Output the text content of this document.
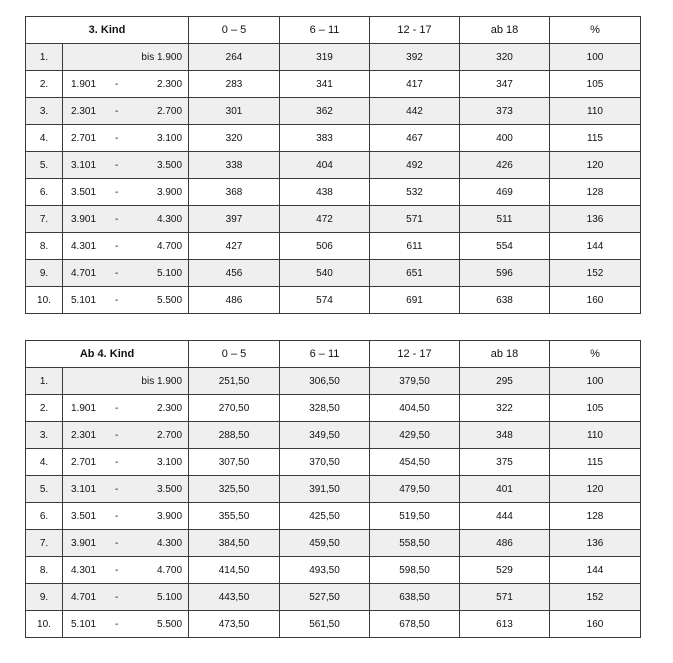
3. Kind		0 – 5	6 – 11	12 - 17	ab 18	%
1.	bis 1.900	264	319	392	320	100
2.	1.901 - 2.300	283	341	417	347	105
3.	2.301 - 2.700	301	362	442	373	110
4.	2.701 - 3.100	320	383	467	400	115
5.	3.101 - 3.500	338	404	492	426	120
6.	3.501 - 3.900	368	438	532	469	128
7.	3.901 - 4.300	397	472	571	511	136
8.	4.301 - 4.700	427	506	611	554	144
9.	4.701 - 5.100	456	540	651	596	152
10.	5.101 - 5.500	486	574	691	638	160
Ab 4. Kind		0 – 5	6 – 11	12 - 17	ab 18	%
1.	bis 1.900	251,50	306,50	379,50	295	100
2.	1.901 - 2.300	270,50	328,50	404,50	322	105
3.	2.301 - 2.700	288,50	349,50	429,50	348	110
4.	2.701 - 3.100	307,50	370,50	454,50	375	115
5.	3.101 - 3.500	325,50	391,50	479,50	401	120
6.	3.501 - 3.900	355,50	425,50	519,50	444	128
7.	3.901 - 4.300	384,50	459,50	558,50	486	136
8.	4.301 - 4.700	414,50	493,50	598,50	529	144
9.	4.701 - 5.100	443,50	527,50	638,50	571	152
10.	5.101 - 5.500	473,50	561,50	678,50	613	160
